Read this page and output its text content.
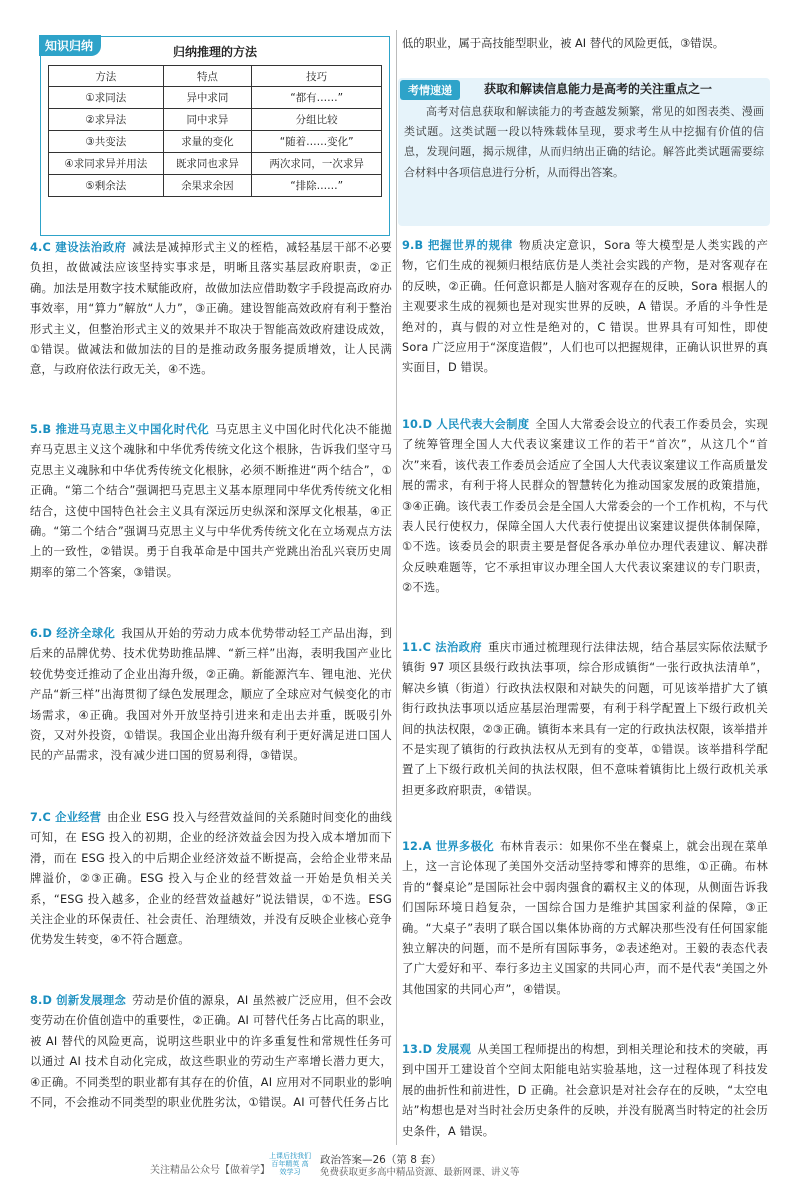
知识归纳	归纳推理的方法
方法	特点	技巧
①求同法	异中求同	“都有……”
②求异法	同中求异	分组比较
③共变法	求量的变化	“随着……变化”
④求同求异并用法	既求同也求异	两次求同，一次求异
⑤剩余法	余果求余因	“排除……”
4.C 建设法治政府 减法是减掉形式主义的桎梏，减轻基层干部不必要负担，故做减法应该坚持实事求是，明晰且落实基层政府职责，②正确。加法是用数字技术赋能政府，故做加法应借助数字手段提高政府办事效率，用“算力”解放“人力”，③正确。建设智能高效政府有利于整治形式主义，但整治形式主义的效果并不取决于智能高效政府建设成效，①错误。做减法和做加法的目的是推动政务服务提质增效，让人民满意，与政府依法行政无关，④不选。
5.B 推进马克思主义中国化时代化 马克思主义中国化时代化决不能拋弃马克思主义这个魂脉和中华优秀传统文化这个根脉，告诉我们坚守马克思主义魂脉和中华优秀传统文化根脉，必须不断推进“两个结合”，①正确。“第二个结合”强调把马克思主义基本原理同中华优秀传统文化相结合，这使中国特色社会主义具有深远历史纵深和深厚文化根基，④正确。“第二个结合”强调马克思主义与中华优秀传统文化在立场观点方法上的一致性，②错误。勇于自我革命是中国共产党跳出治乱兴衰历史周期率的第二个答案，③错误。
6.D 经济全球化 我国从开始的劳动力成本优势带动轻工产品出海，到后来的品牌优势、技术优势助推品牌、“新三样”出海，表明我国产业比较优势变迁推动了企业出海升级，②正确。新能源汽车、锂电池、光伏产品“新三样”出海贯彻了绿色发展理念，顺应了全球应对气候变化的市场需求，④正确。我国对外开放坚持引进来和走出去并重，既吸引外资，又对外投资，①错误。我国企业出海升级有利于更好满足进口国人民的产品需求，没有减少进口国的贸易利得，③错误。
7.C 企业经营 由企业 ESG 投入与经营效益间的关系随时间变化的曲线可知，在 ESG 投入的初期，企业的经济效益会因为投入成本增加而下滑，而在 ESG 投入的中后期企业经济效益不断提高，会给企业带来品牌溢价，②③正确。ESG 投入与企业的经营效益一开始是负相关关系，“ESG 投入越多，企业的经营效益越好”说法错误，①不选。ESG 关注企业的环保责任、社会责任、治理绩效，并没有反映企业核心竞争优势发生转变，④不符合题意。
8.D 创新发展理念 劳动是价值的源泉，AI 虽然被广泛应用，但不会改变劳动在价值创造中的重要性，②正确。AI 可替代任务占比高的职业，被 AI 替代的风险更高，说明这些职业中的许多重复性和常规性任务可以通过 AI 技术自动化完成，故这些职业的劳动生产率增长潜力更大，④正确。不同类型的职业都有其存在的价值，AI 应用对不同职业的影响不同，不会推动不同类型的职业优胜劣汰，①错误。AI 可替代任务占比
低的职业，属于高技能型职业，被 AI 替代的风险更低，③错误。
考情速递	获取和解读信息能力是高考的关注重点之一
高考对信息获取和解读能力的考查越发频繁，常见的如图表类、漫画类试题。这类试题一段以特殊载体呈现，要求考生从中挖掘有价值的信息，发现问题，揭示规律，从而归纳出正确的结论。解答此类试题需要综合材料中各项信息进行分析，从而得出答案。
9.B 把握世界的规律 物质决定意识，Sora 等大模型是人类实践的产物，它们生成的视频归根结底仿是人类社会实践的产物，是对客观存在的反映，②正确。任何意识都是人脑对客观存在的反映，Sora 根据人的主观要求生成的视频也是对现实世界的反映，A 错误。矛盾的斗争性是绝对的，真与假的对立性是绝对的，C 错误。世界具有可知性，即使 Sora 广泛应用于“深度造假”，人们也可以把握规律，正确认识世界的真实面目，D 错误。
10.D 人民代表大会制度 全国人大常委会设立的代表工作委员会，实现了统筹管理全国人大代表议案建议工作的若干“首次”，从这几个“首次”来看，该代表工作委员会适应了全国人大代表议案建议工作高质量发展的需求，有利于将人民群众的智慧转化为推动国家发展的政策措施，③④正确。该代表工作委员会是全国人大常委会的一个工作机构，不与代表人民行使权力，保障全国人大代表行使提出议案建议提供体制保障，①不选。该委员会的职责主要是督促各承办单位办理代表建议、解决群众反映难题等，它不承担审议办理全国人大代表议案建议的专门职责，②不选。
11.C 法治政府 重庆市通过梳理现行法律法规，结合基层实际依法赋予镇街 97 项区县级行政执法事项，综合形成镇街“一张行政执法清单”，解决乡镇（街道）行政执法权限和对缺失的问题，可见该举措扩大了镇街行政执法事项以适应基层治理需要，有利于科学配置上下级行政机关间的执法权限，②③正确。镇街本来具有一定的行政执法权限，该举措并不是实现了镇街的行政执法权从无到有的变革，①错误。该举措科学配置了上下级行政机关间的执法权限，但不意味着镇街比上级行政机关承担更多政府职责，④错误。
12.A 世界多极化 布林肯表示：如果你不坐在餐桌上，就会出现在菜单上，这一言论体现了美国外交活动坚持零和博弈的思维，①正确。布林肯的“餐桌论”是国际社会中弱肉强食的霸权主义的体现，从侧面告诉我们国际环境日趋复杂，一国综合国力是维护其国家利益的保障，③正确。“大桌子”表明了联合国以集体协商的方式解决那些没有任何国家能独立解决的问题，而不是所有国际事务，②表述绝对。王毅的表态代表了广大爱好和平、奉行多边主义国家的共同心声，而不是代表“美国之外其他国家的共同心声”，④错误。
13.D 发展观 从美国工程师提出的构想，到相关理论和技术的突破，再到中国开工建设首个空间太阳能电站实验基地，这一过程体现了科技发展的曲折性和前进性，D 正确。社会意识是对社会存在的反映，“太空电站”构想也是对当时社会历史条件的反映，并没有脱离当时特定的社会历史条件，A 错误。
关注精品公众号【做着学】
上课后找我们 百年精英 高效学习
政治答案—26（第 8 套）
免费获取更多高中精品资源、最新网课、讲义等
